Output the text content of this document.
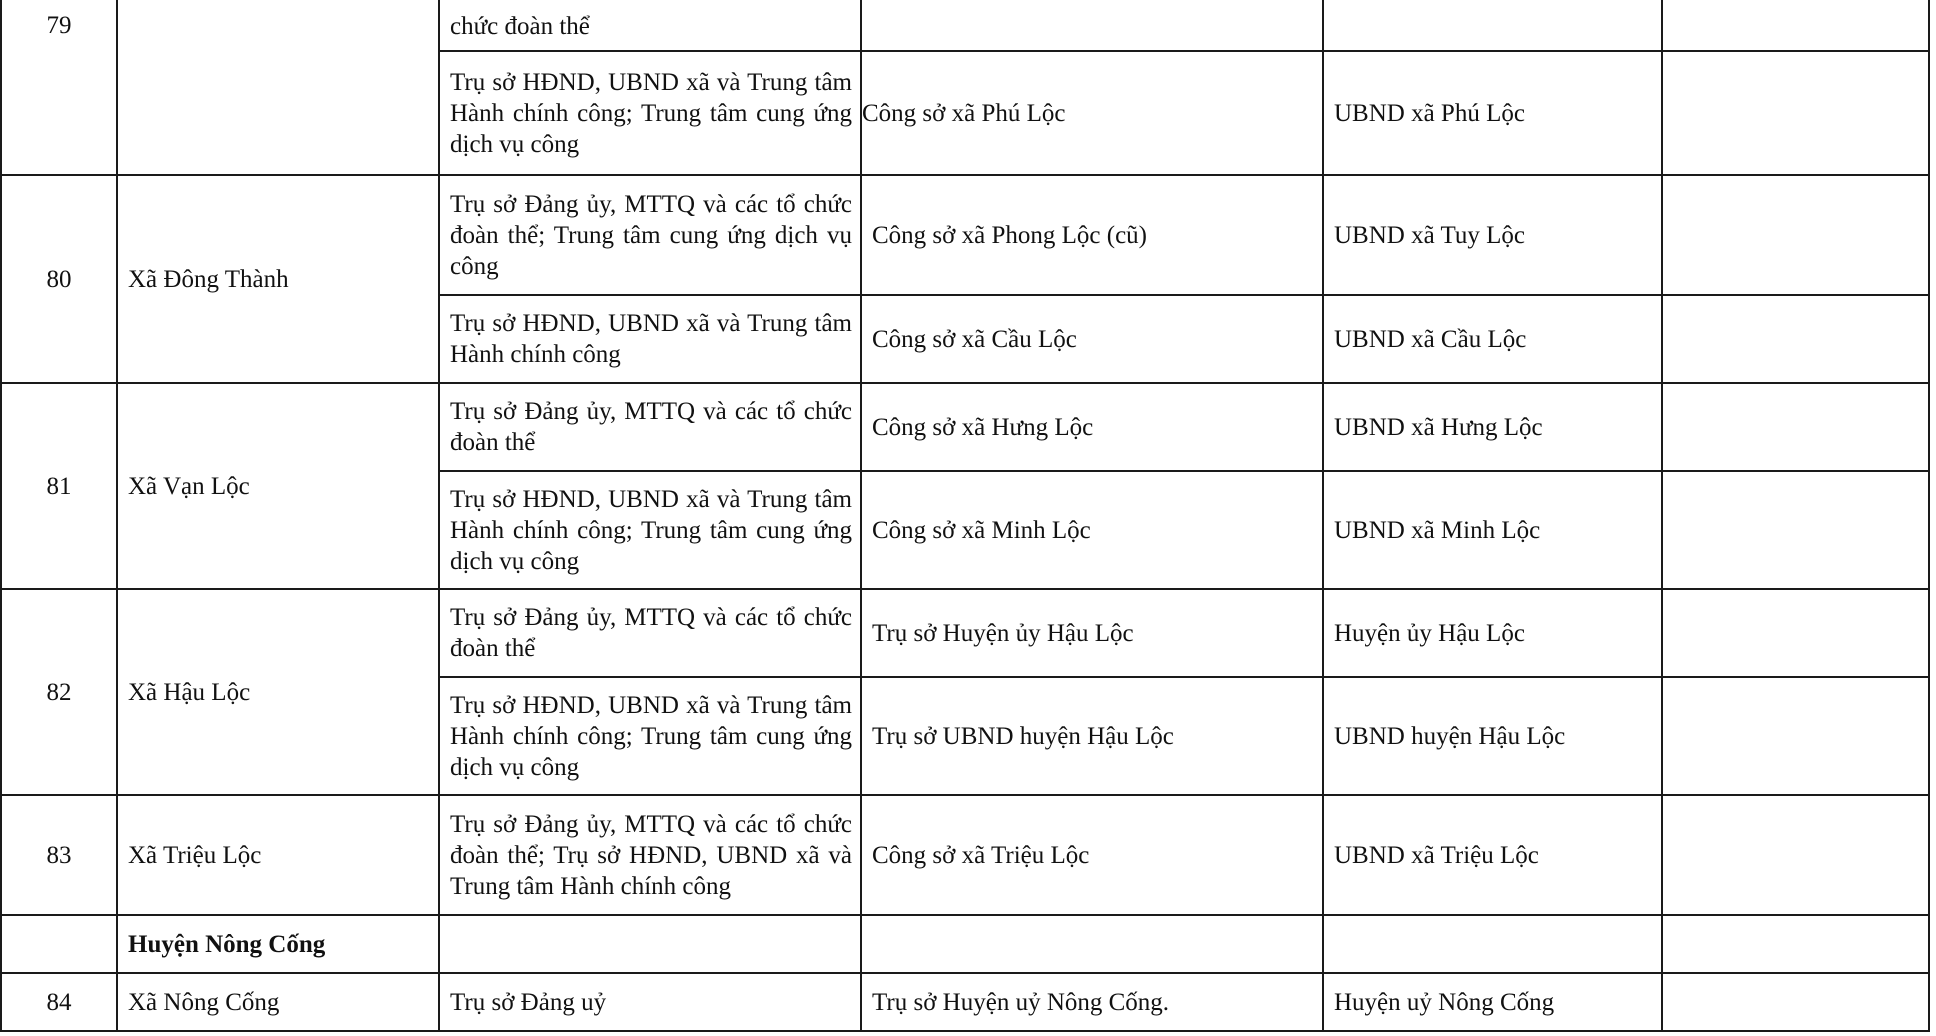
79		chức đoàn thể			
		Trụ sở HĐND, UBND xã và Trung tâm Hành chính công; Trung tâm cung ứng dịch vụ công	Công sở xã Phú Lộc	UBND xã Phú Lộc	
80	Xã Đông Thành	Trụ sở Đảng ủy, MTTQ và các tổ chức đoàn thể; Trung tâm cung ứng dịch vụ công	Công sở xã Phong Lộc (cũ)	UBND xã Tuy Lộc	
		Trụ sở HĐND, UBND xã và Trung tâm Hành chính công	Công sở xã Cầu Lộc	UBND xã Cầu Lộc	
81	Xã Vạn Lộc	Trụ sở Đảng ủy, MTTQ và các tổ chức đoàn thể	Công sở xã Hưng Lộc	UBND xã Hưng Lộc	
		Trụ sở HĐND, UBND xã và Trung tâm Hành chính công; Trung tâm cung ứng dịch vụ công	Công sở xã Minh Lộc	UBND xã Minh Lộc	
82	Xã Hậu Lộc	Trụ sở Đảng ủy, MTTQ và các tổ chức đoàn thể	Trụ sở Huyện ủy Hậu Lộc	Huyện ủy Hậu Lộc	
		Trụ sở HĐND, UBND xã và Trung tâm Hành chính công; Trung tâm cung ứng dịch vụ công	Trụ sở UBND huyện Hậu Lộc	UBND huyện Hậu Lộc	
83	Xã Triệu Lộc	Trụ sở Đảng ủy, MTTQ và các tổ chức đoàn thể; Trụ sở HĐND, UBND xã và Trung tâm Hành chính công	Công sở xã Triệu Lộc	UBND xã Triệu Lộc	
	Huyện Nông Cống				
84	Xã Nông Cống	Trụ sở Đảng uỷ	Trụ sở Huyện uỷ Nông Cống.	Huyện uỷ Nông Cống	
